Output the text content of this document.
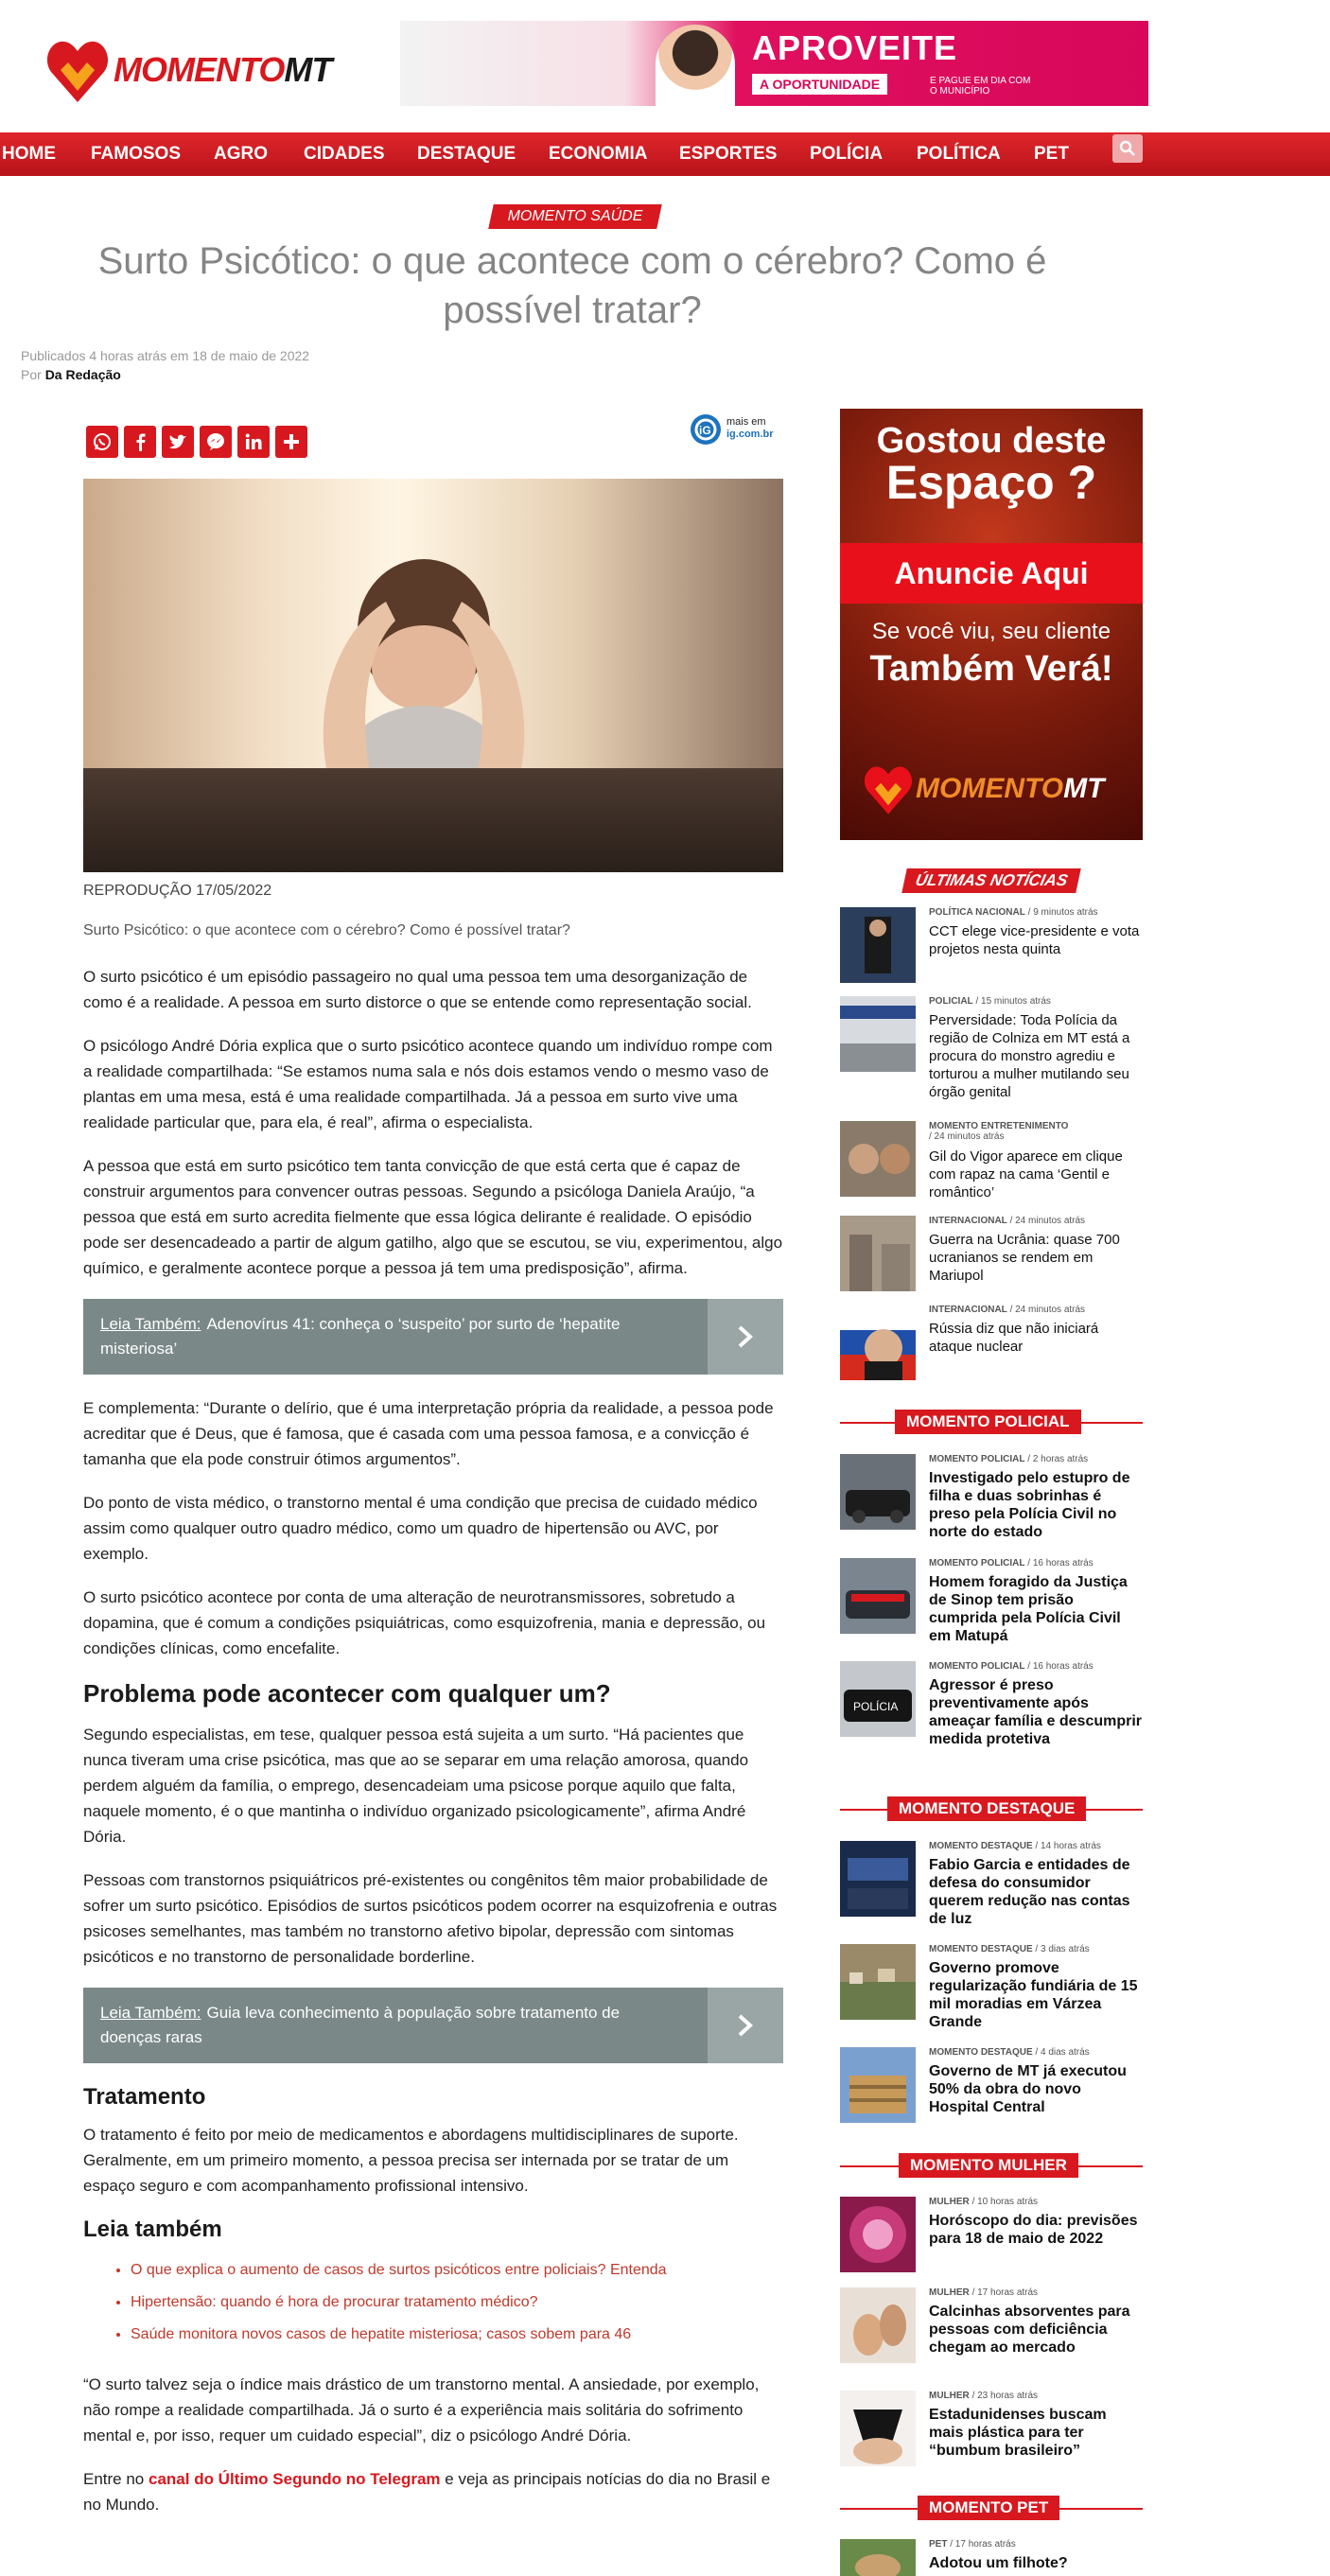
MOMENTOMT
APROVEITE
A OPORTUNIDADE	E PAGUE EM DIA COM O MUNICÍPIO
HOME FAMOSOS AGRO CIDADES DESTAQUE ECONOMIA ESPORTES POLÍCIA POLÍTICA PET
MOMENTO SAÚDE
Surto Psicótico: o que acontece com o cérebro? Como é possível tratar?
Publicados 4 horas atrás em 18 de maio de 2022
Por Da Redação
iG
mais em
ig.com.br
REPRODUÇÃO 17/05/2022

Surto Psicótico: o que acontece com o cérebro? Como é possível tratar?

O surto psicótico é um episódio passageiro no qual uma pessoa tem uma desorganização de como é a realidade. A pessoa em surto distorce o que se entende como representação social.

O psicólogo André Dória explica que o surto psicótico acontece quando um indivíduo rompe com a realidade compartilhada: “Se estamos numa sala e nós dois estamos vendo o mesmo vaso de plantas em uma mesa, está é uma realidade compartilhada. Já a pessoa em surto vive uma realidade particular que, para ela, é real”, afirma o especialista.

A pessoa que está em surto psicótico tem tanta convicção de que está certa que é capaz de construir argumentos para convencer outras pessoas. Segundo a psicóloga Daniela Araújo, “a pessoa que está em surto acredita fielmente que essa lógica delirante é realidade. O episódio pode ser desencadeado a partir de algum gatilho, algo que se escutou, se viu, experimentou, algo químico, e geralmente acontece porque a pessoa já tem uma predisposição”, afirma.

Leia Também: Adenovírus 41: conheça o ‘suspeito’ por surto de ‘hepatite misteriosa’

E complementa: “Durante o delírio, que é uma interpretação própria da realidade, a pessoa pode acreditar que é Deus, que é famosa, que é casada com uma pessoa famosa, e a convicção é tamanha que ela pode construir ótimos argumentos”.

Do ponto de vista médico, o transtorno mental é uma condição que precisa de cuidado médico assim como qualquer outro quadro médico, como um quadro de hipertensão ou AVC, por exemplo.

O surto psicótico acontece por conta de uma alteração de neurotransmissores, sobretudo a dopamina, que é comum a condições psiquiátricas, como esquizofrenia, mania e depressão, ou condições clínicas, como encefalite.

Problema pode acontecer com qualquer um?

Segundo especialistas, em tese, qualquer pessoa está sujeita a um surto. “Há pacientes que nunca tiveram uma crise psicótica, mas que ao se separar em uma relação amorosa, quando perdem alguém da família, o emprego, desencadeiam uma psicose porque aquilo que falta, naquele momento, é o que mantinha o indivíduo organizado psicologicamente”, afirma André Dória.

Pessoas com transtornos psiquiátricos pré-existentes ou congênitos têm maior probabilidade de sofrer um surto psicótico. Episódios de surtos psicóticos podem ocorrer na esquizofrenia e outras psicoses semelhantes, mas também no transtorno afetivo bipolar, depressão com sintomas psicóticos e no transtorno de personalidade borderline.

Leia Também: Guia leva conhecimento à população sobre tratamento de doenças raras
Tratamento

O tratamento é feito por meio de medicamentos e abordagens multidisciplinares de suporte. Geralmente, em um primeiro momento, a pessoa precisa ser internada por se tratar de um espaço seguro e com acompanhamento profissional intensivo.

Leia também
• O que explica o aumento de casos de surtos psicóticos entre policiais? Entenda
• Hipertensão: quando é hora de procurar tratamento médico?
• Saúde monitora novos casos de hepatite misteriosa; casos sobem para 46

“O surto talvez seja o índice mais drástico de um transtorno mental. A ansiedade, por exemplo, não rompe a realidade compartilhada. Já o surto é a experiência mais solitária do sofrimento mental e, por isso, requer um cuidado especial”, diz o psicólogo André Dória.

Entre no canal do Último Segundo no Telegram e veja as principais notícias do dia no Brasil e no Mundo.

Gostou deste
Espaço ?
Anuncie Aqui
Se você viu, seu cliente
Também Verá!
MOMENTOMT
ÚLTIMAS NOTÍCIAS
POLÍTICA NACIONAL / 9 minutos atrás
CCT elege vice-presidente e vota projetos nesta quinta
POLICIAL / 15 minutos atrás
Perversidade: Toda Polícia da região de Colniza em MT está a procura do monstro agrediu e torturou a mulher mutilando seu órgão genital
MOMENTO ENTRETENIMENTO
/ 24 minutos atrás
Gil do Vigor aparece em clique com rapaz na cama ‘Gentil e romântico’
INTERNACIONAL / 24 minutos atrás
Guerra na Ucrânia: quase 700 ucranianos se rendem em Mariupol
INTERNACIONAL / 24 minutos atrás
Rússia diz que não iniciará ataque nuclear
MOMENTO POLICIAL
MOMENTO POLICIAL / 2 horas atrás
Investigado pelo estupro de filha e duas sobrinhas é preso pela Polícia Civil no norte do estado
MOMENTO POLICIAL / 16 horas atrás
Homem foragido da Justiça de Sinop tem prisão cumprida pela Polícia Civil em Matupá
POLÍCIA
MOMENTO POLICIAL / 16 horas atrás
Agressor é preso preventivamente após ameaçar família e descumprir medida protetiva
MOMENTO DESTAQUE
MOMENTO DESTAQUE / 14 horas atrás
Fabio Garcia e entidades de defesa do consumidor querem redução nas contas de luz
MOMENTO DESTAQUE / 3 dias atrás
Governo promove regularização fundiária de 15 mil moradias em Várzea Grande
MOMENTO DESTAQUE / 4 dias atrás
Governo de MT já executou 50% da obra do novo Hospital Central
MOMENTO MULHER
MULHER / 10 horas atrás
Horóscopo do dia: previsões para 18 de maio de 2022
MULHER / 17 horas atrás
Calcinhas absorventes para pessoas com deficiência chegam ao mercado
MULHER / 23 horas atrás
Estadunidenses buscam mais plástica para ter “bumbum brasileiro”
MOMENTO PET
PET / 17 horas atrás
Adotou um filhote?
